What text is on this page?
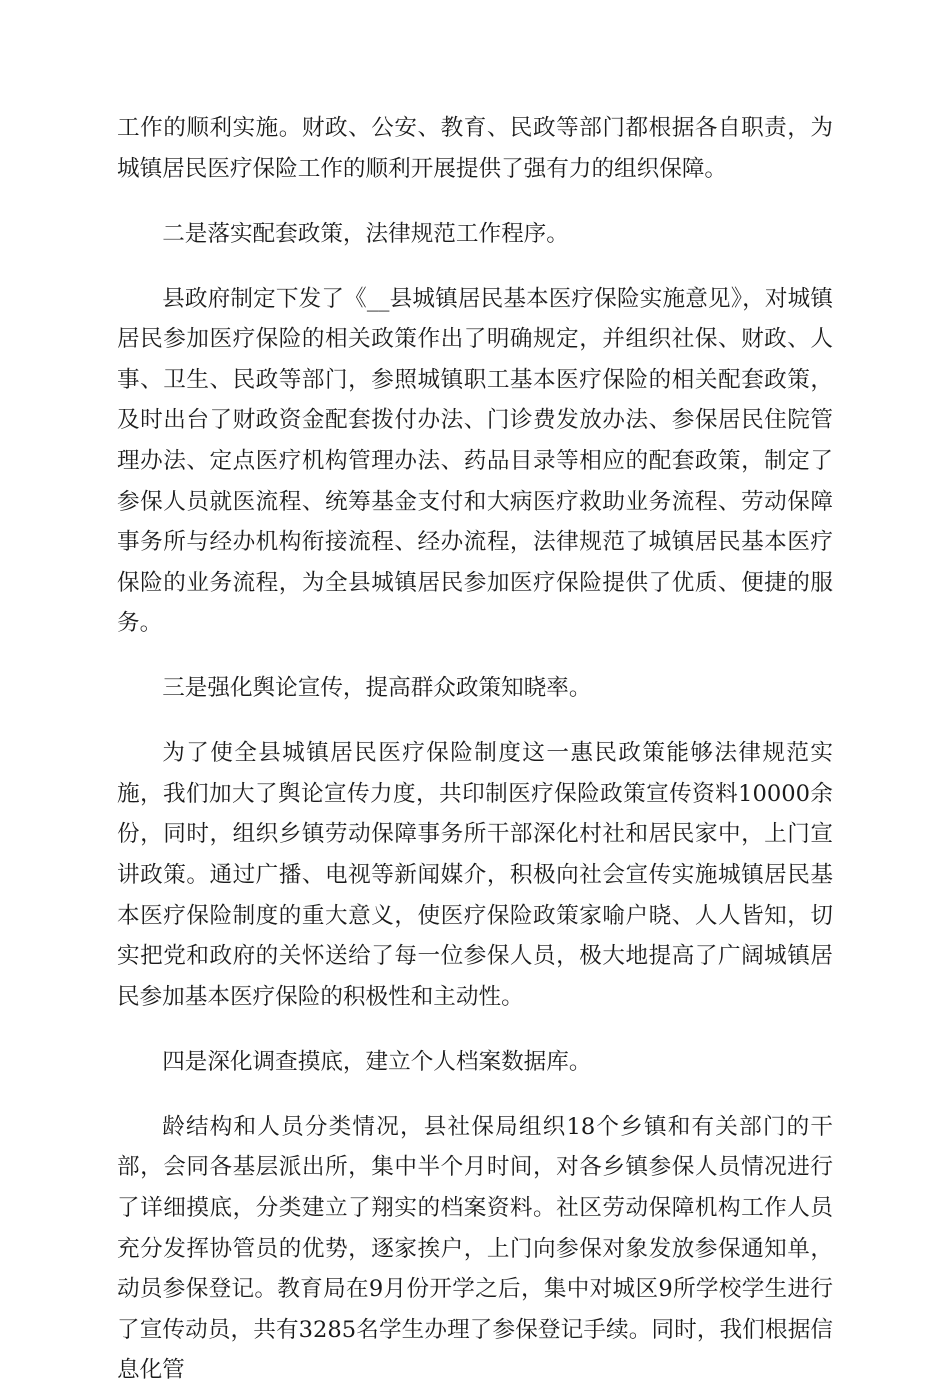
工作的顺利实施。财政、公安、教育、民政等部门都根据各自职责，为城镇居民医疗保险工作的顺利开展提供了强有力的组织保障。

二是落实配套政策，法律规范工作程序。

县政府制定下发了《__县城镇居民基本医疗保险实施意见》，对城镇居民参加医疗保险的相关政策作出了明确规定，并组织社保、财政、人事、卫生、民政等部门，参照城镇职工基本医疗保险的相关配套政策，及时出台了财政资金配套拨付办法、门诊费发放办法、参保居民住院管理办法、定点医疗机构管理办法、药品目录等相应的配套政策，制定了参保人员就医流程、统筹基金支付和大病医疗救助业务流程、劳动保障事务所与经办机构衔接流程、经办流程，法律规范了城镇居民基本医疗保险的业务流程，为全县城镇居民参加医疗保险提供了优质、便捷的服务。

三是强化舆论宣传，提高群众政策知晓率。

为了使全县城镇居民医疗保险制度这一惠民政策能够法律规范实施，我们加大了舆论宣传力度，共印制医疗保险政策宣传资料10000余份，同时，组织乡镇劳动保障事务所干部深化村社和居民家中，上门宣讲政策。通过广播、电视等新闻媒介，积极向社会宣传实施城镇居民基本医疗保险制度的重大意义，使医疗保险政策家喻户晓、人人皆知，切实把党和政府的关怀送给了每一位参保人员，极大地提高了广阔城镇居民参加基本医疗保险的积极性和主动性。

四是深化调查摸底，建立个人档案数据库。

龄结构和人员分类情况，县社保局组织18个乡镇和有关部门的干部，会同各基层派出所，集中半个月时间，对各乡镇参保人员情况进行了详细摸底，分类建立了翔实的档案资料。社区劳动保障机构工作人员充分发挥协管员的优势，逐家挨户，上门向参保对象发放参保通知单，动员参保登记。教育局在9月份开学之后，集中对城区9所学校学生进行了宣传动员，共有3285名学生办理了参保登记手续。同时，我们根据信息化管
